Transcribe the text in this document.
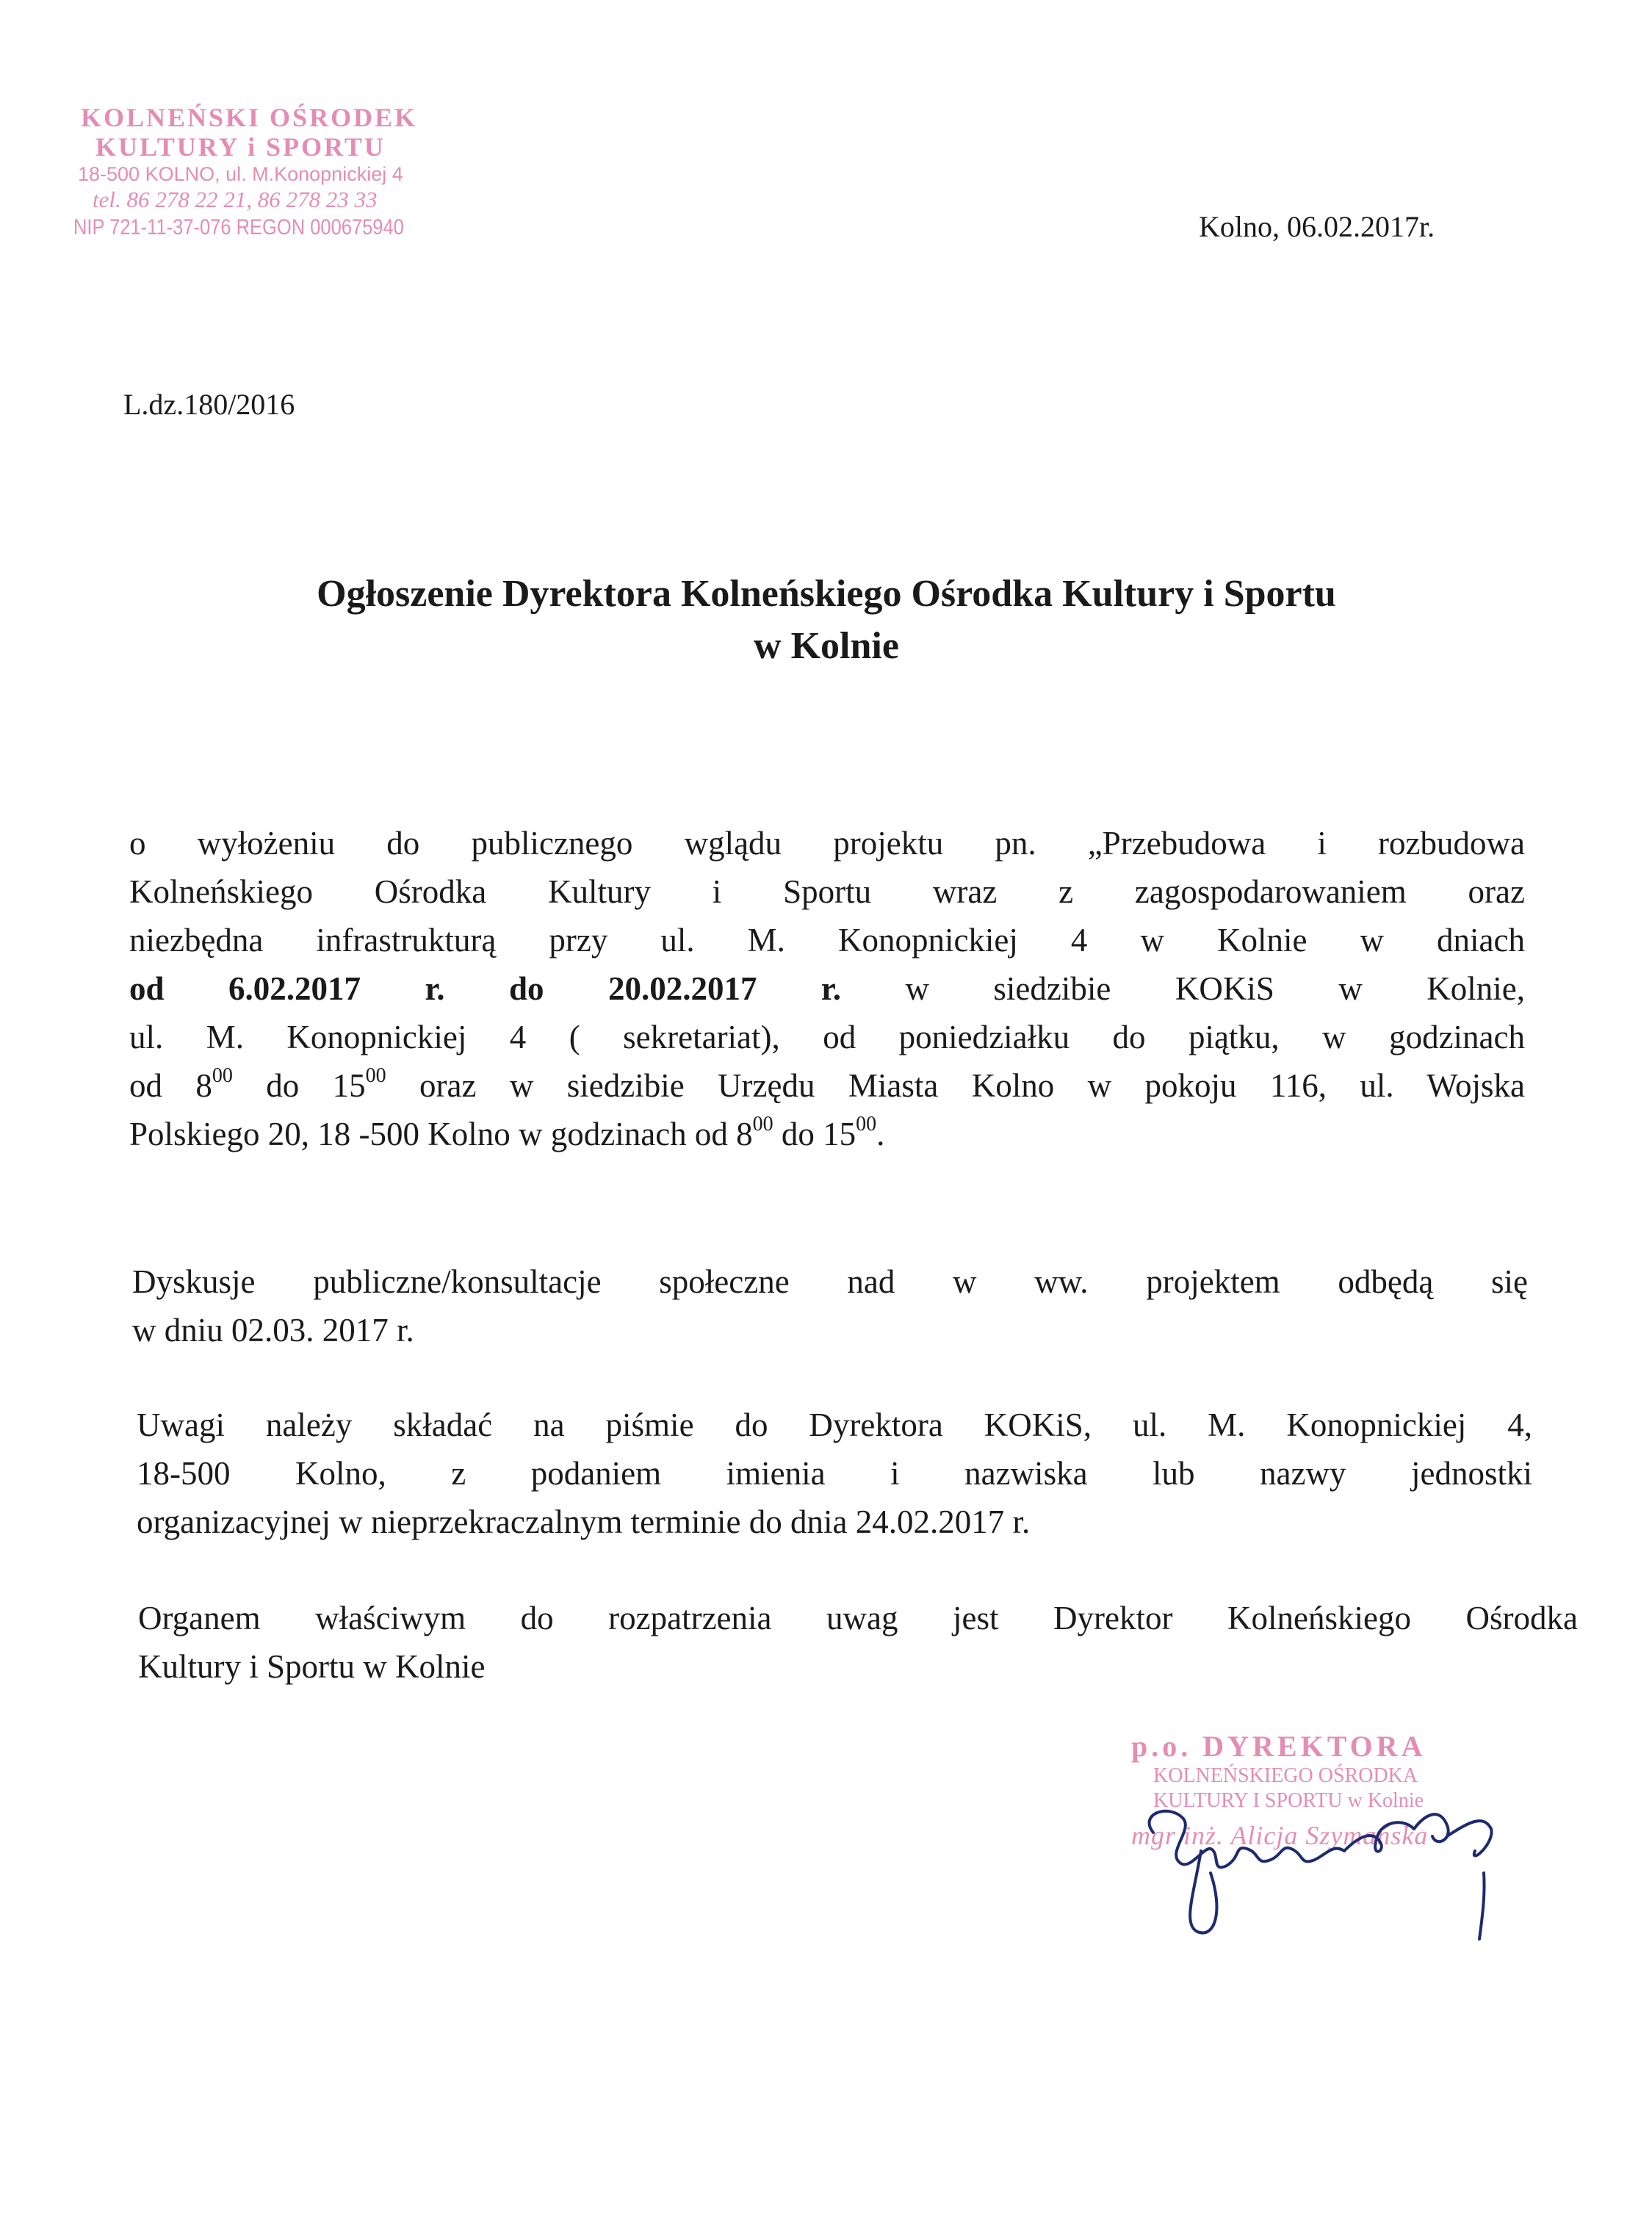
KOLNEŃSKI OŚRODEK
KULTURY i SPORTU
18-500 KOLNO, ul. M.Konopnickiej 4
tel. 86 278 22 21, 86 278 23 33
NIP 721-11-37-076 REGON 000675940	Kolno, 06.02.2017r.
L.dz.180/2016
Ogłoszenie Dyrektora Kolneńskiego Ośrodka Kultury i Sportu
w Kolnie
o wyłożeniu do publicznego wglądu projektu pn. „Przebudowa i rozbudowa
Kolneńskiego Ośrodka Kultury i Sportu wraz z zagospodarowaniem oraz
niezbędna infrastrukturą przy ul. M. Konopnickiej 4 w Kolnie w dniach
od 6.02.2017 r. do 20.02.2017 r. w siedzibie KOKiS w Kolnie,
ul. M. Konopnickiej 4 ( sekretariat), od poniedziałku do piątku, w godzinach
od $8^{00}$ do $15^{00}$ oraz w siedzibie Urzędu Miasta Kolno w pokoju 116, ul. Wojska
Polskiego 20, 18 -500 Kolno w godzinach od $8^{00}$ do $15^{00}$.
Dyskusje publiczne/konsultacje społeczne nad w ww. projektem odbędą się
w dniu 02.03. 2017 r.
Uwagi należy składać na piśmie do Dyrektora KOKiS, ul. M. Konopnickiej 4,
18-500 Kolno, z podaniem imienia i nazwiska lub nazwy jednostki
organizacyjnej w nieprzekraczalnym terminie do dnia 24.02.2017 r.
Organem właściwym do rozpatrzenia uwag jest Dyrektor Kolneńskiego Ośrodka
Kultury i Sportu w Kolnie
p.o. DYREKTORA
KOLNEŃSKIEGO OŚRODKA
KULTURY I SPORTU w Kolnie
mgr inż. Alicja Szymańska
